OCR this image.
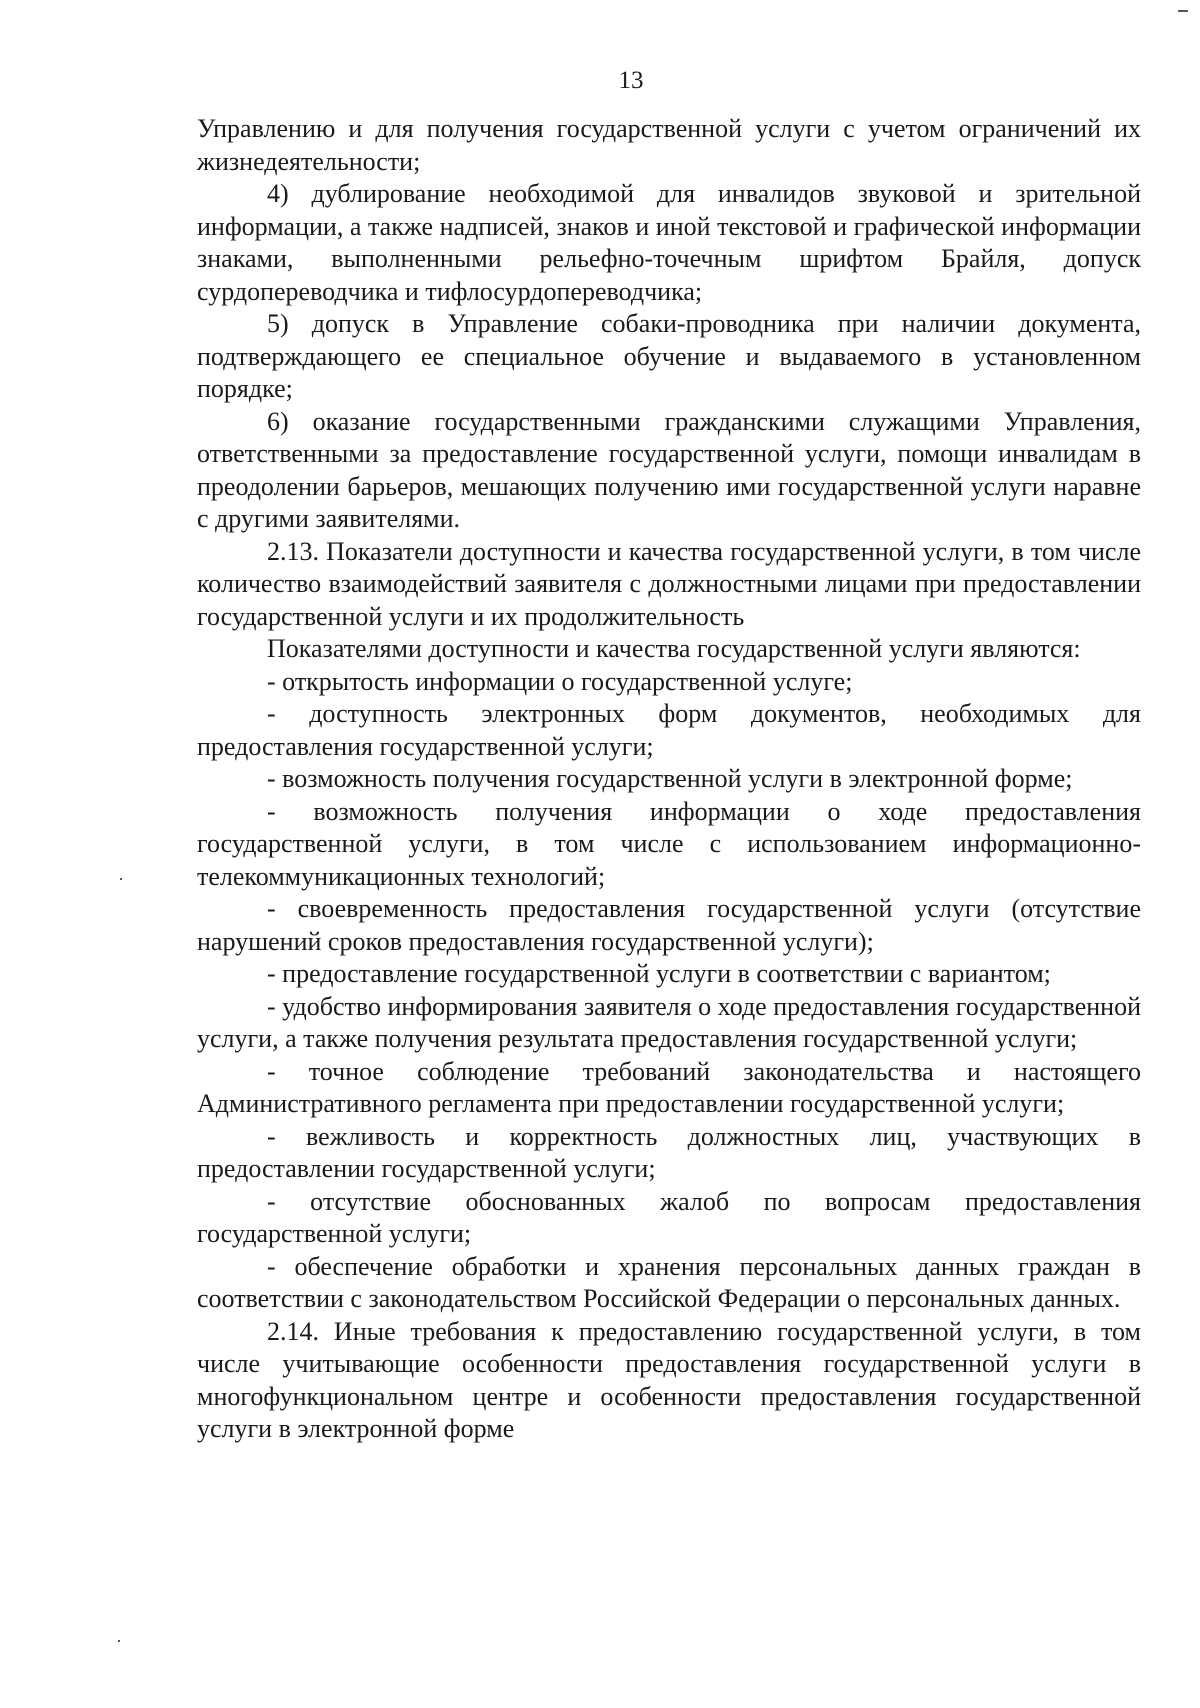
13

Управлению и для получения государственной услуги с учетом ограничений их жизнедеятельности;

4) дублирование необходимой для инвалидов звуковой и зрительной информации, а также надписей, знаков и иной текстовой и графической информации знаками, выполненными рельефно-точечным шрифтом Брайля, допуск сурдопереводчика и тифлосурдопереводчика;

5) допуск в Управление собаки-проводника при наличии документа, подтверждающего ее специальное обучение и выдаваемого в установленном порядке;

6) оказание государственными гражданскими служащими Управления, ответственными за предоставление государственной услуги, помощи инвалидам в преодолении барьеров, мешающих получению ими государственной услуги наравне с другими заявителями.

2.13. Показатели доступности и качества государственной услуги, в том числе количество взаимодействий заявителя с должностными лицами при предоставлении государственной услуги и их продолжительность

Показателями доступности и качества государственной услуги являются:

- открытость информации о государственной услуге;

- доступность электронных форм документов, необходимых для предоставления государственной услуги;

- возможность получения государственной услуги в электронной форме;

- возможность получения информации о ходе предоставления государственной услуги, в том числе с использованием информационно-телекоммуникационных технологий;

- своевременность предоставления государственной услуги (отсутствие нарушений сроков предоставления государственной услуги);

- предоставление государственной услуги в соответствии с вариантом;

- удобство информирования заявителя о ходе предоставления государственной услуги, а также получения результата предоставления государственной услуги;

- точное соблюдение требований законодательства и настоящего Административного регламента при предоставлении государственной услуги;

- вежливость и корректность должностных лиц, участвующих в предоставлении государственной услуги;

- отсутствие обоснованных жалоб по вопросам предоставления государственной услуги;

- обеспечение обработки и хранения персональных данных граждан в соответствии с законодательством Российской Федерации о персональных данных.

2.14. Иные требования к предоставлению государственной услуги, в том числе учитывающие особенности предоставления государственной услуги в многофункциональном центре и особенности предоставления государственной услуги в электронной форме
